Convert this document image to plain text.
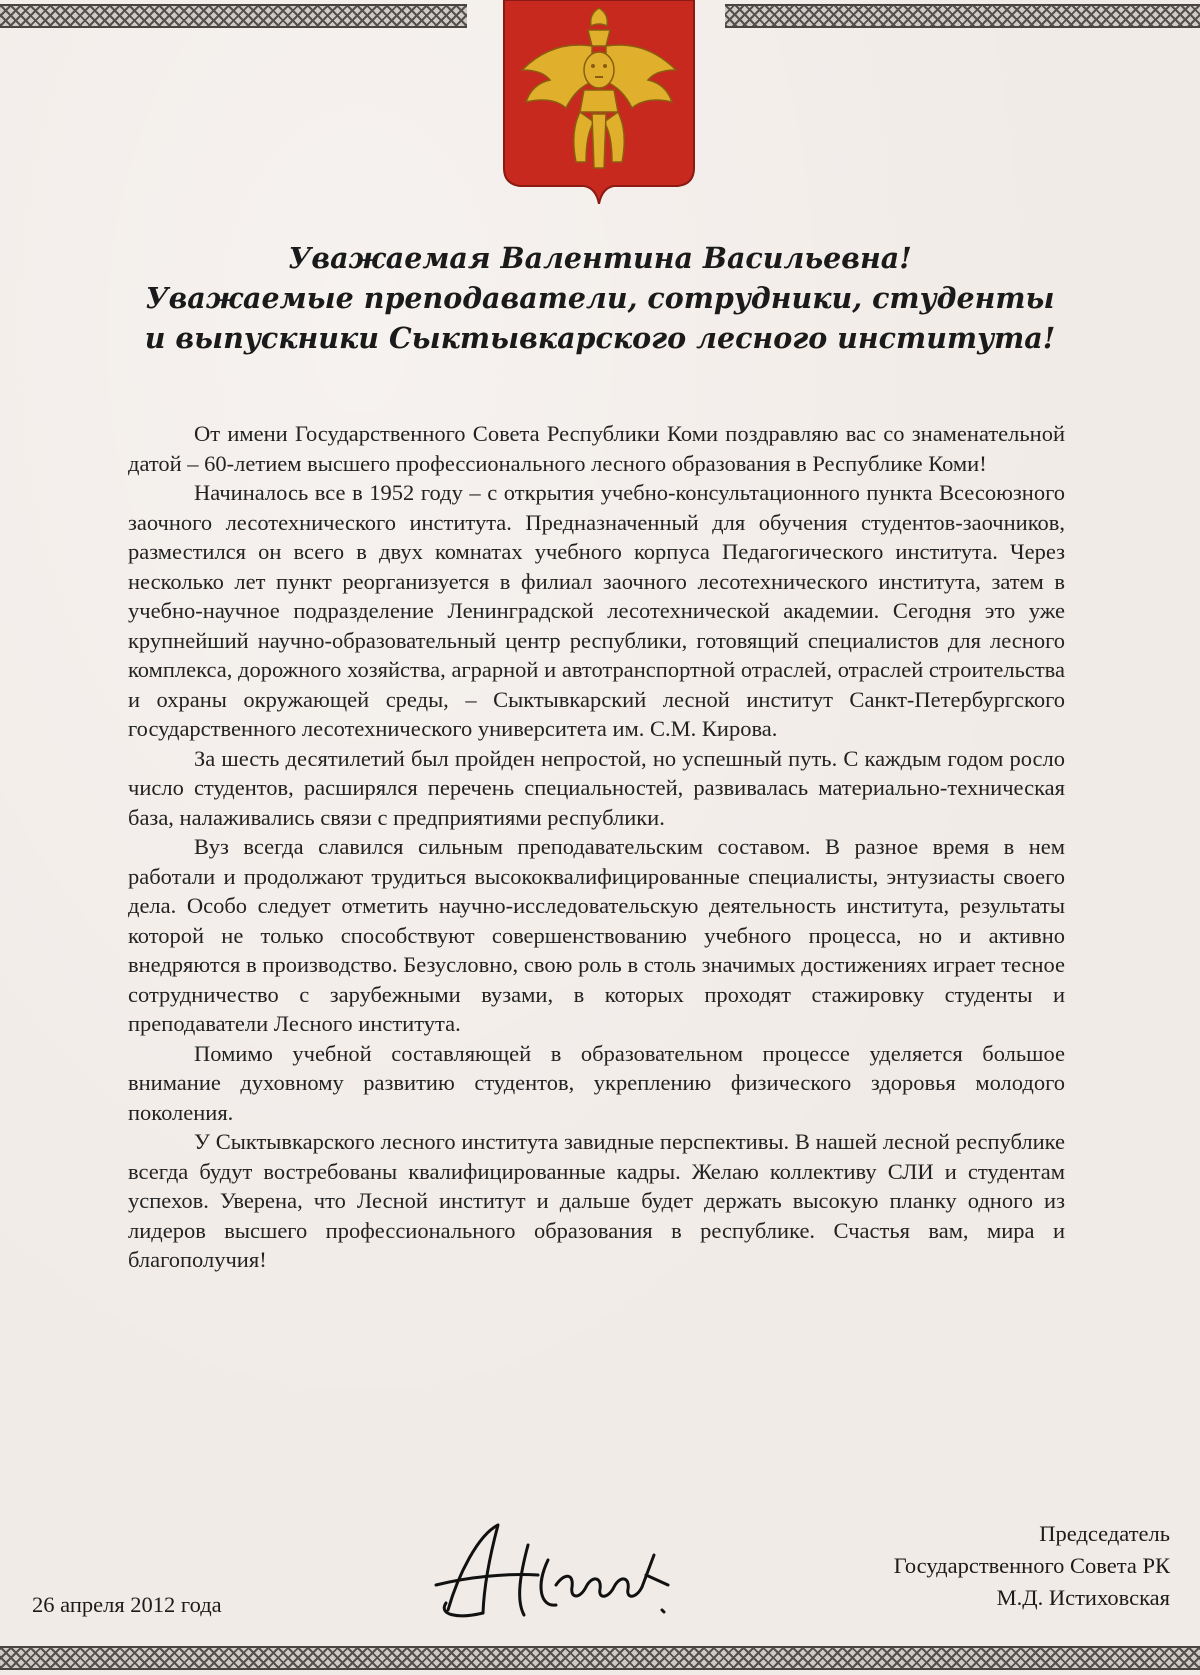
Уважаемая Валентина Васильевна!
Уважаемые преподаватели, сотрудники, студенты
и выпускники Сыктывкарского лесного института!

От имени Государственного Совета Республики Коми поздравляю вас со знаменательной датой – 60-летием высшего профессионального лесного образования в Республике Коми!

Начиналось все в 1952 году – с открытия учебно-консультационного пункта Всесоюзного заочного лесотехнического института. Предназначенный для обучения студентов-заочников, разместился он всего в двух комнатах учебного корпуса Педагогического института. Через несколько лет пункт реорганизуется в филиал заочного лесотехнического института, затем в учебно-научное подразделение Ленинградской лесотехнической академии. Сегодня это уже крупнейший научно-образовательный центр республики, готовящий специалистов для лесного комплекса, дорожного хозяйства, аграрной и автотранспортной отраслей, отраслей строительства и охраны окружающей среды, – Сыктывкарский лесной институт Санкт-Петербургского государственного лесотехнического университета им. С.М. Кирова.

За шесть десятилетий был пройден непростой, но успешный путь. С каждым годом росло число студентов, расширялся перечень специальностей, развивалась материально-техническая база, налаживались связи с предприятиями республики.

Вуз всегда славился сильным преподавательским составом. В разное время в нем работали и продолжают трудиться высококвалифицированные специалисты, энтузиасты своего дела. Особо следует отметить научно-исследовательскую деятельность института, результаты которой не только способствуют совершенствованию учебного процесса, но и активно внедряются в производство. Безусловно, свою роль в столь значимых достижениях играет тесное сотрудничество с зарубежными вузами, в которых проходят стажировку студенты и преподаватели Лесного института.

Помимо учебной составляющей в образовательном процессе уделяется большое внимание духовному развитию студентов, укреплению физического здоровья молодого поколения.

У Сыктывкарского лесного института завидные перспективы. В нашей лесной республике всегда будут востребованы квалифицированные кадры. Желаю коллективу СЛИ и студентам успехов. Уверена, что Лесной институт и дальше будет держать высокую планку одного из лидеров высшего профессионального образования в республике. Счастья вам, мира и благополучия!

26 апреля 2012 года
Председатель
Государственного Совета РК
М.Д. Истиховская
